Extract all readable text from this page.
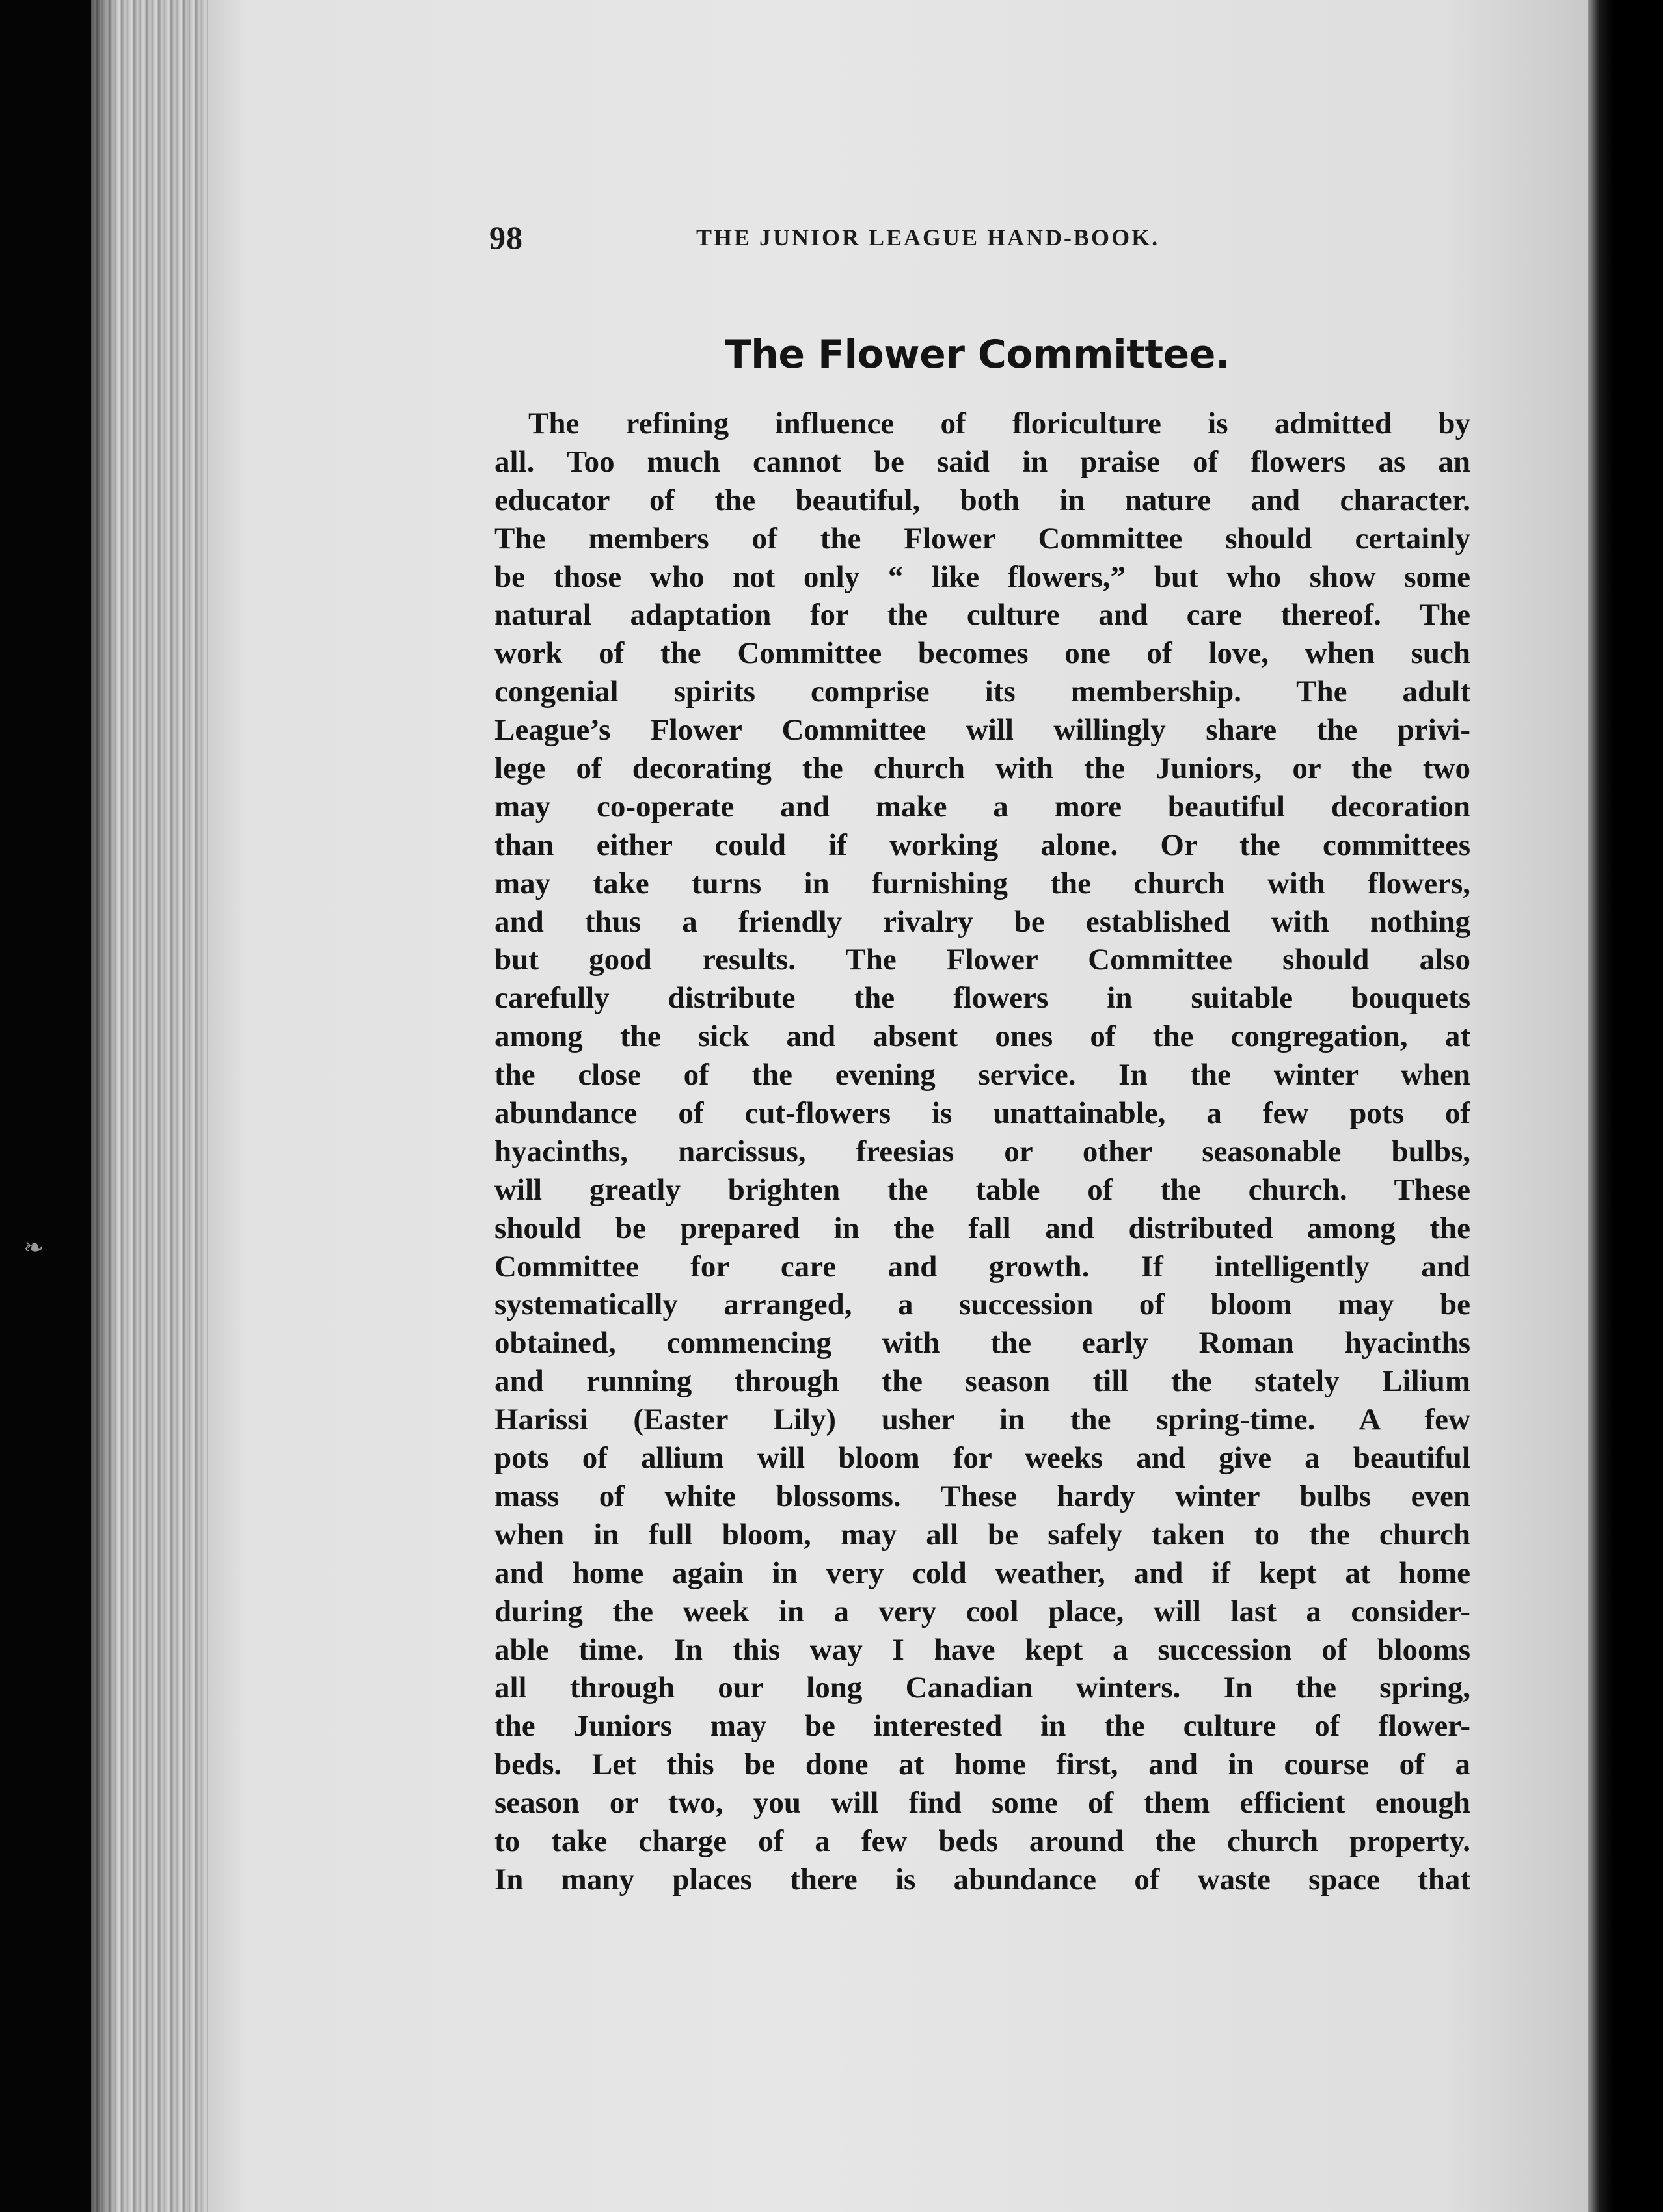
❧
98	THE JUNIOR LEAGUE HAND-BOOK.
The Flower Committee.
The refining influence of floriculture is admitted by
all. Too much cannot be said in praise of flowers as an
educator of the beautiful, both in nature and character.
The members of the Flower Committee should certainly
be those who not only “ like flowers,” but who show some
natural adaptation for the culture and care thereof. The
work of the Committee becomes one of love, when such
congenial spirits comprise its membership. The adult
League’s Flower Committee will willingly share the privi-
lege of decorating the church with the Juniors, or the two
may co-operate and make a more beautiful decoration
than either could if working alone. Or the committees
may take turns in furnishing the church with flowers,
and thus a friendly rivalry be established with nothing
but good results. The Flower Committee should also
carefully distribute the flowers in suitable bouquets
among the sick and absent ones of the congregation, at
the close of the evening service. In the winter when
abundance of cut-flowers is unattainable, a few pots of
hyacinths, narcissus, freesias or other seasonable bulbs,
will greatly brighten the table of the church. These
should be prepared in the fall and distributed among the
Committee for care and growth. If intelligently and
systematically arranged, a succession of bloom may be
obtained, commencing with the early Roman hyacinths
and running through the season till the stately Lilium
Harissi (Easter Lily) usher in the spring-time. A few
pots of allium will bloom for weeks and give a beautiful
mass of white blossoms. These hardy winter bulbs even
when in full bloom, may all be safely taken to the church
and home again in very cold weather, and if kept at home
during the week in a very cool place, will last a consider-
able time. In this way I have kept a succession of blooms
all through our long Canadian winters. In the spring,
the Juniors may be interested in the culture of flower-
beds. Let this be done at home first, and in course of a
season or two, you will find some of them efficient enough
to take charge of a few beds around the church property.
In many places there is abundance of waste space that
